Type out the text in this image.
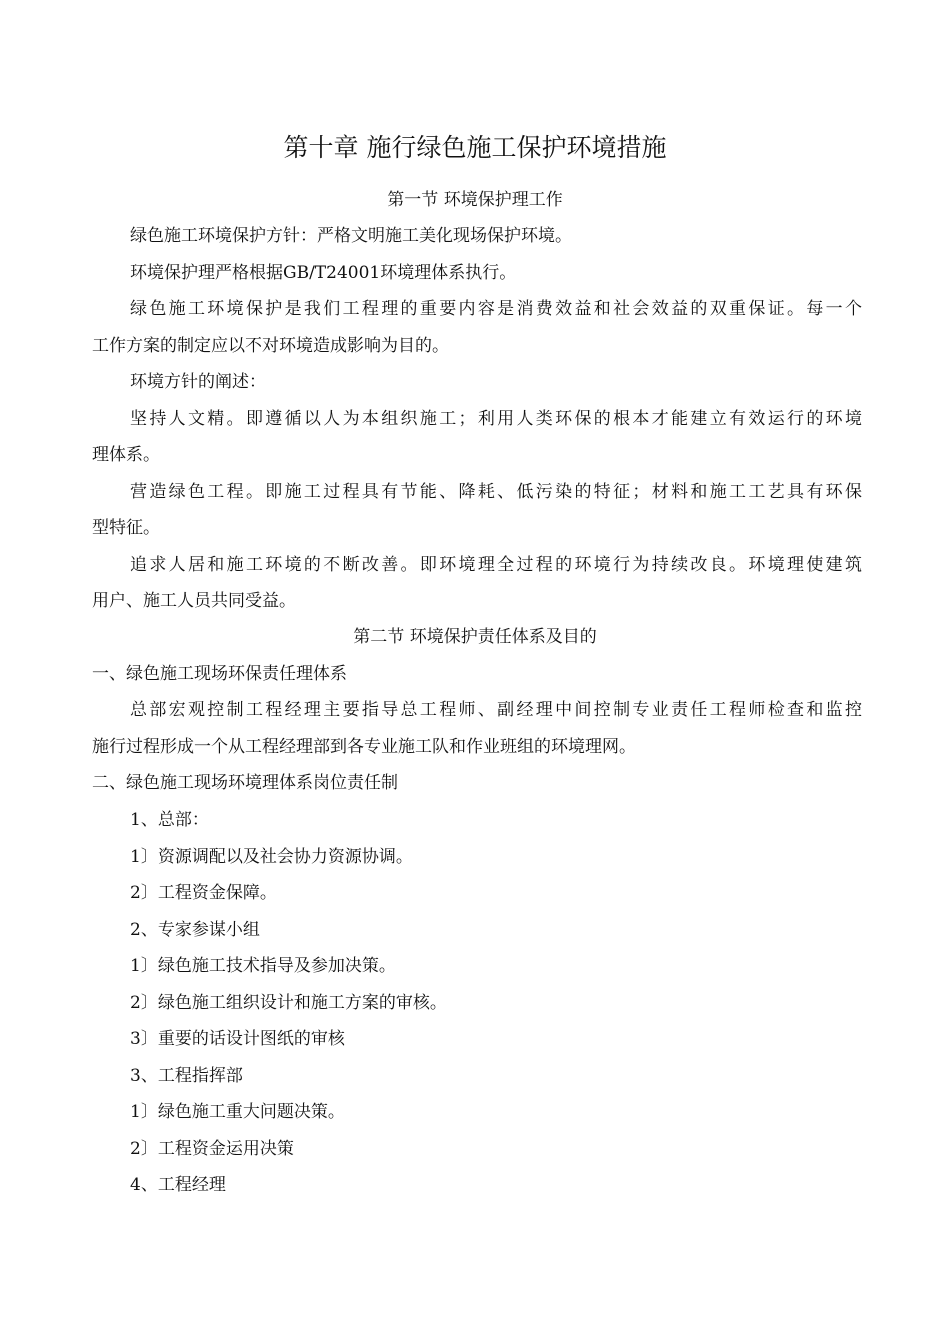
第十章 施行绿色施工保护环境措施
第一节 环境保护理工作
绿色施工环境保护方针：严格文明施工美化现场保护环境。
环境保护理严格根据GB/T24001环境理体系执行。
绿色施工环境保护是我们工程理的重要内容是消费效益和社会效益的双重保证。每一个
工作方案的制定应以不对环境造成影响为目的。
环境方针的阐述：
坚持人文精。即遵循以人为本组织施工；利用人类环保的根本才能建立有效运行的环境
理体系。
营造绿色工程。即施工过程具有节能、降耗、低污染的特征；材料和施工工艺具有环保
型特征。
追求人居和施工环境的不断改善。即环境理全过程的环境行为持续改良。环境理使建筑
用户、施工人员共同受益。
第二节 环境保护责任体系及目的
一、绿色施工现场环保责任理体系
总部宏观控制工程经理主要指导总工程师、副经理中间控制专业责任工程师检查和监控
施行过程形成一个从工程经理部到各专业施工队和作业班组的环境理网。
二、绿色施工现场环境理体系岗位责任制
1、总部：
1〕资源调配以及社会协力资源协调。
2〕工程资金保障。
2、专家参谋小组
1〕绿色施工技术指导及参加决策。
2〕绿色施工组织设计和施工方案的审核。
3〕重要的话设计图纸的审核
3、工程指挥部
1〕绿色施工重大问题决策。
2〕工程资金运用决策
4、工程经理
